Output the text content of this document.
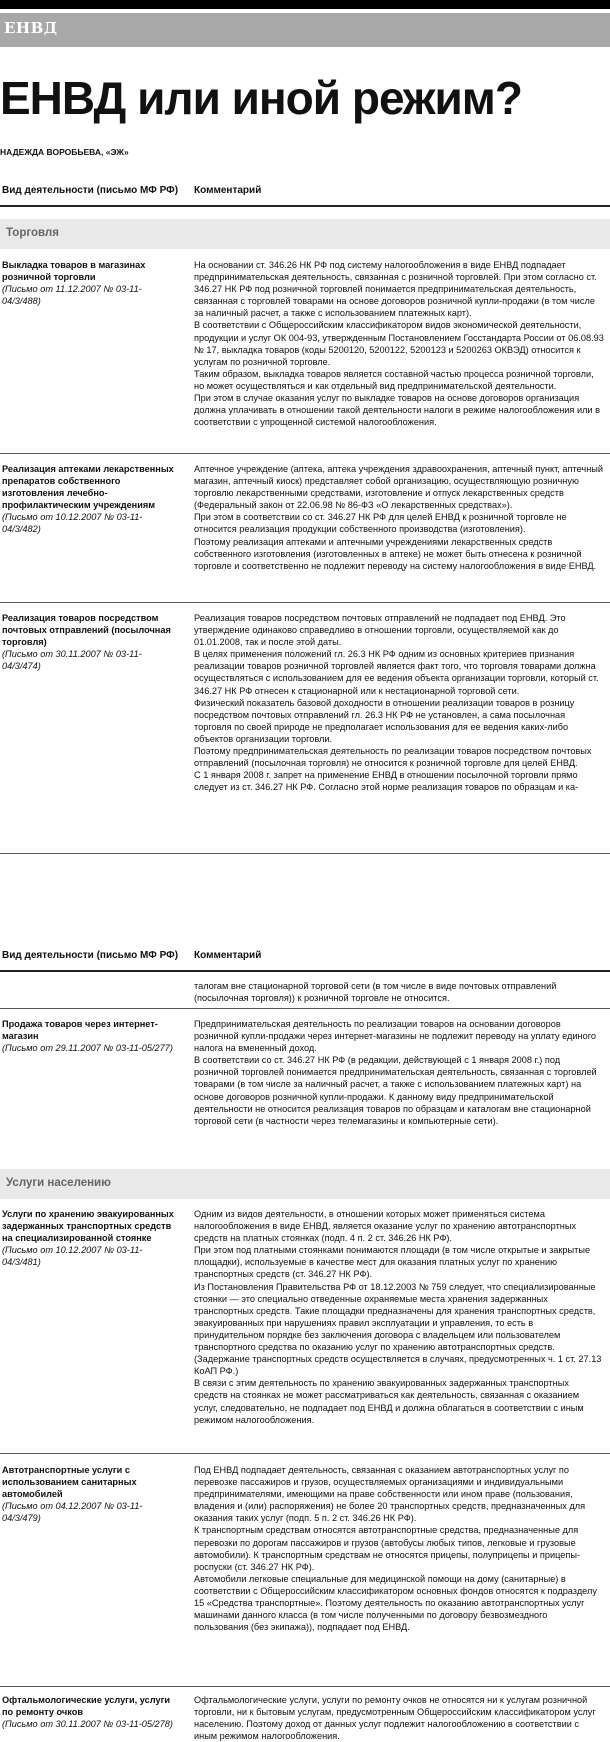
ЕНВД
ЕНВД или иной режим?
НАДЕЖДА ВОРОБЬЕВА, «ЭЖ»
Вид деятельности (письмо МФ РФ) Комментарий
Торговля
Выкладка товаров в магазинах розничной торговли
(Письмо от 11.12.2007 № 03-11-04/3/488)

На основании ст. 346.26 НК РФ под систему налогообложения в виде ЕНВД подпадает предпринимательская деятельность, связанная с розничной торговлей. При этом согласно ст. 346.27 НК РФ под розничной торговлей понимается предпринимательская деятельность, связанная с торговлей товарами на основе договоров розничной купли-продажи (в том числе за наличный расчет, а также с использованием платежных карт).

В соответствии с Общероссийским классификатором видов экономической деятельности, продукции и услуг ОК 004-93, утвержденным Постановлением Госстандарта России от 06.08.93 № 17, выкладка товаров (коды 5200120, 5200122, 5200123 и 5200263 ОКВЭД) относится к услугам по розничной торговле.

Таким образом, выкладка товаров является составной частью процесса розничной торговли, но может осуществляться и как отдельный вид предпринимательской деятельности.

При этом в случае оказания услуг по выкладке товаров на основе договоров организация должна уплачивать в отношении такой деятельности налоги в режиме налогообложения или в соответствии с упрощенной системой налогообложения.

Реализация аптеками лекарственных препаратов собственного изготовления лечебно-профилактическим учреждениям
(Письмо от 10.12.2007 № 03-11-04/3/482)

Аптечное учреждение (аптека, аптека учреждения здравоохранения, аптечный пункт, аптечный магазин, аптечный киоск) представляет собой организацию, осуществляющую розничную торговлю лекарственными средствами, изготовление и отпуск лекарственных средств (Федеральный закон от 22.06.98 № 86-ФЗ «О лекарственных средствах»).

При этом в соответствии со ст. 346.27 НК РФ для целей ЕНВД к розничной торговле не относится реализация продукции собственного производства (изготовления).

Поэтому реализация аптеками и аптечными учреждениями лекарственных средств собственного изготовления (изготовленных в аптеке) не может быть отнесена к розничной торговле и соответственно не подлежит переводу на систему налогообложения в виде ЕНВД.

Реализация товаров посредством почтовых отправлений (посылочная торговля)
(Письмо от 30.11.2007 № 03-11-04/3/474)

Реализация товаров посредством почтовых отправлений не подпадает под ЕНВД. Это утверждение одинаково справедливо в отношении торговли, осуществляемой как до 01.01.2008, так и после этой даты.

В целях применения положений гл. 26.3 НК РФ одним из основных критериев признания реализации товаров розничной торговлей является факт того, что торговля товарами должна осуществляться с использованием для ее ведения объекта организации торговли, который ст. 346.27 НК РФ отнесен к стационарной или к нестационарной торговой сети.

Физический показатель базовой доходности в отношении реализации товаров в розницу посредством почтовых отправлений гл. 26.3 НК РФ не установлен, а сама посылочная торговля по своей природе не предполагает использования для ее ведения каких-либо объектов организации торговли.

Поэтому предпринимательская деятельность по реализации товаров посредством почтовых отправлений (посылочная торговля) не относится к розничной торговле для целей ЕНВД.

С 1 января 2008 г. запрет на применение ЕНВД в отношении посылочной торговли прямо следует из ст. 346.27 НК РФ. Согласно этой норме реализация товаров по образцам и ка-

Вид деятельности (письмо МФ РФ) Комментарий

талогам вне стационарной торговой сети (в том числе в виде почтовых отправлений (посылочная торговля)) к розничной торговле не относится.

Продажа товаров через интернет-магазин
(Письмо от 29.11.2007 № 03-11-05/277)

Предпринимательская деятельность по реализации товаров на основании договоров розничной купли-продажи через интернет-магазины не подлежит переводу на уплату единого налога на вмененный доход.

В соответствии со ст. 346.27 НК РФ (в редакции, действующей с 1 января 2008 г.) под розничной торговлей понимается предпринимательская деятельность, связанная с торговлей товарами (в том числе за наличный расчет, а также с использованием платежных карт) на основе договоров розничной купли-продажи. К данному виду предпринимательской деятельности не относится реализация товаров по образцам и каталогам вне стационарной торговой сети (в частности через телемагазины и компьютерные сети).

Услуги населению
Услуги по хранению эвакуированных задержанных транспортных средств на специализированной стоянке
(Письмо от 10.12.2007 № 03-11-04/3/481)

Одним из видов деятельности, в отношении которых может применяться система налогообложения в виде ЕНВД, является оказание услуг по хранению автотранспортных средств на платных стоянках (подп. 4 п. 2 ст. 346.26 НК РФ).

При этом под платными стоянками понимаются площади (в том числе открытые и закрытые площадки), используемые в качестве мест для оказания платных услуг по хранению транспортных средств (ст. 346.27 НК РФ).

Из Постановления Правительства РФ от 18.12.2003 № 759 следует, что специализированные стоянки — это специально отведенные охраняемые места хранения задержанных транспортных средств. Такие площадки предназначены для хранения транспортных средств, эвакуированных при нарушениях правил эксплуатации и управления, то есть в принудительном порядке без заключения договора с владельцем или пользователем транспортного средства по оказанию услуг по хранению автотранспортных средств. (Задержание транспортных средств осуществляется в случаях, предусмотренных ч. 1 ст. 27.13 КоАП РФ.)

В связи с этим деятельность по хранению эвакуированных задержанных транспортных средств на стоянках не может рассматриваться как деятельность, связанная с оказанием услуг, следовательно, не подпадает под ЕНВД и должна облагаться в соответствии с иным режимом налогообложения.

Автотранспортные услуги с использованием санитарных автомобилей
(Письмо от 04.12.2007 № 03-11-04/3/479)

Под ЕНВД подпадает деятельность, связанная с оказанием автотранспортных услуг по перевозке пассажиров и грузов, осуществляемых организациями и индивидуальными предпринимателями, имеющими на праве собственности или ином праве (пользования, владения и (или) распоряжения) не более 20 транспортных средств, предназначенных для оказания таких услуг (подп. 5 п. 2 ст. 346.26 НК РФ).

К транспортным средствам относятся автотранспортные средства, предназначенные для перевозки по дорогам пассажиров и грузов (автобусы любых типов, легковые и грузовые автомобили). К транспортным средствам не относятся прицепы, полуприцепы и прицепы-роспуски (ст. 346.27 НК РФ).

Автомобили легковые специальные для медицинской помощи на дому (санитарные) в соответствии с Общероссийским классификатором основных фондов относятся к подразделу 15 «Средства транспортные». Поэтому деятельность по оказанию автотранспортных услуг машинами данного класса (в том числе полученными по договору безвозмездного пользования (без экипажа)), подпадает под ЕНВД.

Офтальмологические услуги, услуги по ремонту очков
(Письмо от 30.11.2007 № 03-11-05/278)

Офтальмологические услуги, услуги по ремонту очков не относятся ни к услугам розничной торговли, ни к бытовым услугам, предусмотренным Общероссийским классификатором услуг населению. Поэтому доход от данных услуг подлежит налогообложению в соответствии с иным режимом налогообложения.
